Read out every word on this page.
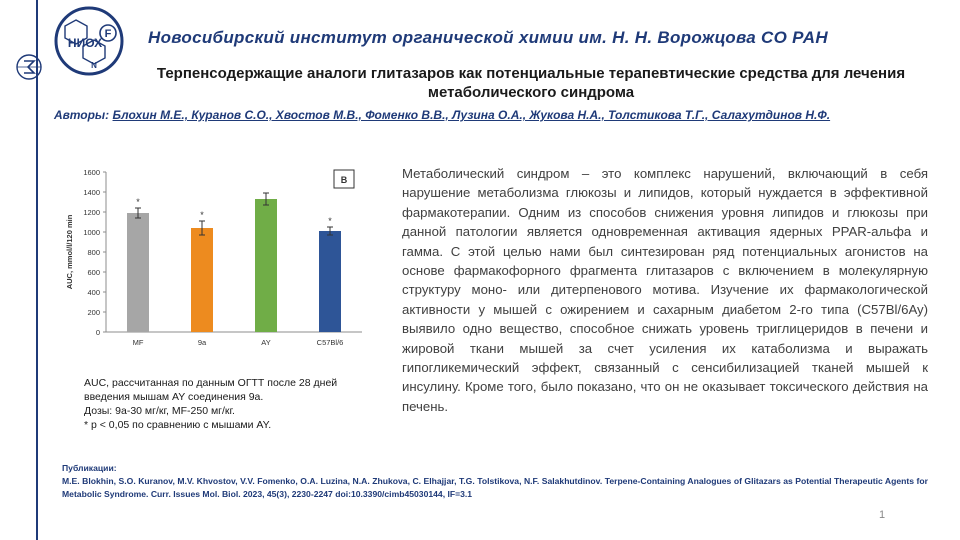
F
НИОХ
N
Новосибирский институт органической химии им. Н. Н. Ворожцова СО РАН
Терпенсодержащие аналоги глитазаров как потенциальные терапевтические средства для лечения
метаболического синдрома
Авторы: Блохин М.Е., Куранов С.О., Хвостов М.В., Фоменко В.В., Лузина О.А., Жукова Н.А., Толстикова Т.Г., Салахутдинов Н.Ф.
0
200
400
600
800
1000
1200
1400
1600
AUC, mmol/l/120 min
*
MF
*
9a	AY
*
C57Bl/6
B
AUC, рассчитанная по данным ОГТТ после 28 дней
введения мышам AY соединения 9a.
Дозы: 9а-30 мг/кг, MF-250 мг/кг.
* p < 0,05 по сравнению с мышами AY.
Метаболический синдром – это комплекс нарушений, включающий в себя нарушение метаболизма глюкозы и липидов, который нуждается в эффективной фармакотерапии. Одним из способов снижения уровня липидов и глюкозы при данной патологии является одновременная активация ядерных PPAR-альфа и гамма. С этой целью нами был синтезирован ряд потенциальных агонистов на основе фармакофорного фрагмента глитазаров с включением в молекулярную структуру моно- или дитерпенового мотива. Изучение их фармакологической активности у мышей с ожирением и сахарным диабетом 2-го типа (C57Bl/6Ay) выявило одно вещество, способное снижать уровень триглицеридов в печени и жировой ткани мышей за счет усиления их катаболизма и выражать гипогликемический эффект, связанный с сенсибилизацией тканей мышей к инсулину. Кроме того, было показано, что он не оказывает токсического действия на печень.
Публикации:
M.E. Blokhin, S.O. Kuranov, M.V. Khvostov, V.V. Fomenko, O.A. Luzina, N.A. Zhukova, C. Elhajjar, T.G. Tolstikova, N.F. Salakhutdinov. Terpene-Containing Analogues of Glitazars as Potential Therapeutic Agents for Metabolic Syndrome. Curr. Issues Mol. Biol. 2023, 45(3), 2230-2247 doi:10.3390/cimb45030144, IF=3.1
1
